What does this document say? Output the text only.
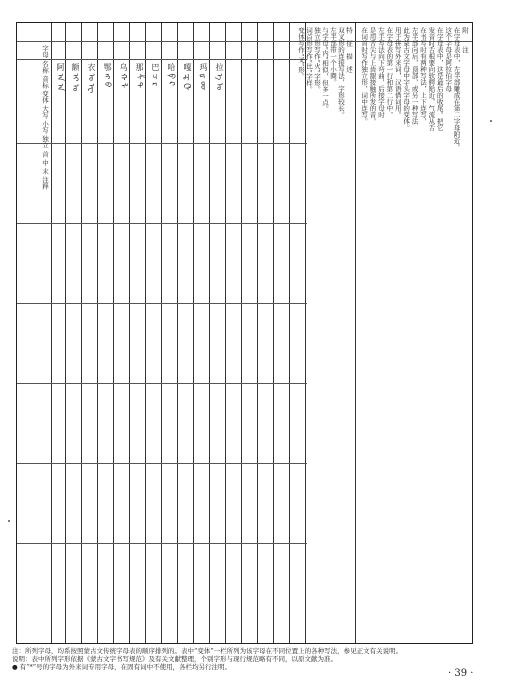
字母 名称 音标 变体 大写 小写 独立 首 中 末 注释
阿 ᠠ ᠠ
额 ᠢ ᠣ
衣 ᠤ ᠧ
鄂 ᠩ ᠪ
乌 ᠬ ᠯ
那 ᠱ ᠲ
巴 ᠴ ᠷ
哈 ᠹ ᠺ
嘎 ᠼ ᠿ
玛 ᡁ ᡂ
拉 ᠡ ᠤ
特　征　描　述
双叉形的连接写法，字形较长。
左半部带一个小圈。
与字母“内”相似，但多一点。
独立形写作“火”字形。
词首形写作“比”字样。
变体写作“叉”形。	附　　注
在字母表中，左半部雕成在第二字母附近。
这个字母是阿拉伯字母
在字母表中，这是最后的收尾。把它
发音时舌根要向软腭贴近，气流从舌
在书写时有两种写法，上下连写，
左半部向后，顶部，或另一种写法
此为蒙古文字母中字头字母的变体。
用于拼写外来词，汉语借词用。
在字母表的第一行和第二行中，
左手写法向下弯曲，后接字母时
是用舌尖与上齿龈接触所发的音。
在词首时写作独立形，词中连写。

注：所列字母，均系按照蒙古文传统字母表的顺序排列的。表中“变体”一栏所列为该字母在不同位置上的各种写法，参见正文有关说明。

说明：表中所列字形依据《蒙古文字书写规范》及有关文献整理，个别字形与现行规范略有不同，以原文献为准。

● 有“*”号的字母为外来词专用字母，在固有词中不使用，各栏均另行注明。

· 39 ·
